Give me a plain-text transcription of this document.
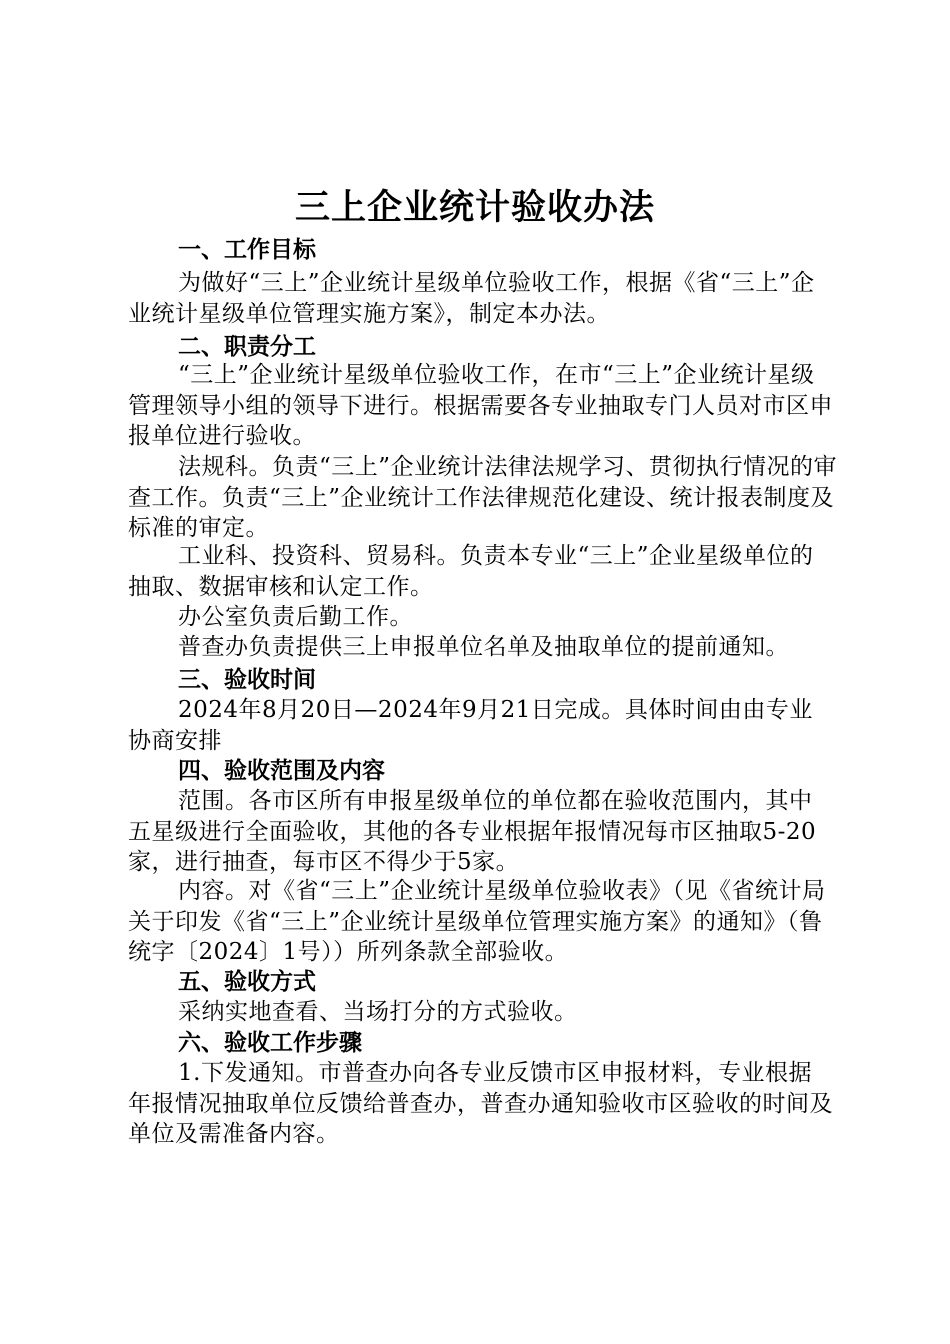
三上企业统计验收办法
一、工作目标
为做好“三上”企业统计星级单位验收工作，根据《省“三上”企业统计星级单位管理实施方案》，制定本办法。
二、职责分工
“三上”企业统计星级单位验收工作，在市“三上”企业统计星级管理领导小组的领导下进行。根据需要各专业抽取专门人员对市区申报单位进行验收。
法规科。负责“三上”企业统计法律法规学习、贯彻执行情况的审查工作。负责“三上”企业统计工作法律规范化建设、统计报表制度及标准的审定。
工业科、投资科、贸易科。负责本专业“三上”企业星级单位的抽取、数据审核和认定工作。
办公室负责后勤工作。
普查办负责提供三上申报单位名单及抽取单位的提前通知。
三、验收时间
2024年8月20日—2024年9月21日完成。具体时间由由专业协商安排
四、验收范围及内容
范围。各市区所有申报星级单位的单位都在验收范围内，其中五星级进行全面验收，其他的各专业根据年报情况每市区抽取5-20家，进行抽查，每市区不得少于5家。
内容。对《省“三上”企业统计星级单位验收表》（见《省统计局关于印发《省“三上”企业统计星级单位管理实施方案》的通知》（鲁统字〔2024〕1号））所列条款全部验收。
五、验收方式
采纳实地查看、当场打分的方式验收。
六、验收工作步骤
1.下发通知。市普查办向各专业反馈市区申报材料，专业根据年报情况抽取单位反馈给普查办，普查办通知验收市区验收的时间及单位及需准备内容。
